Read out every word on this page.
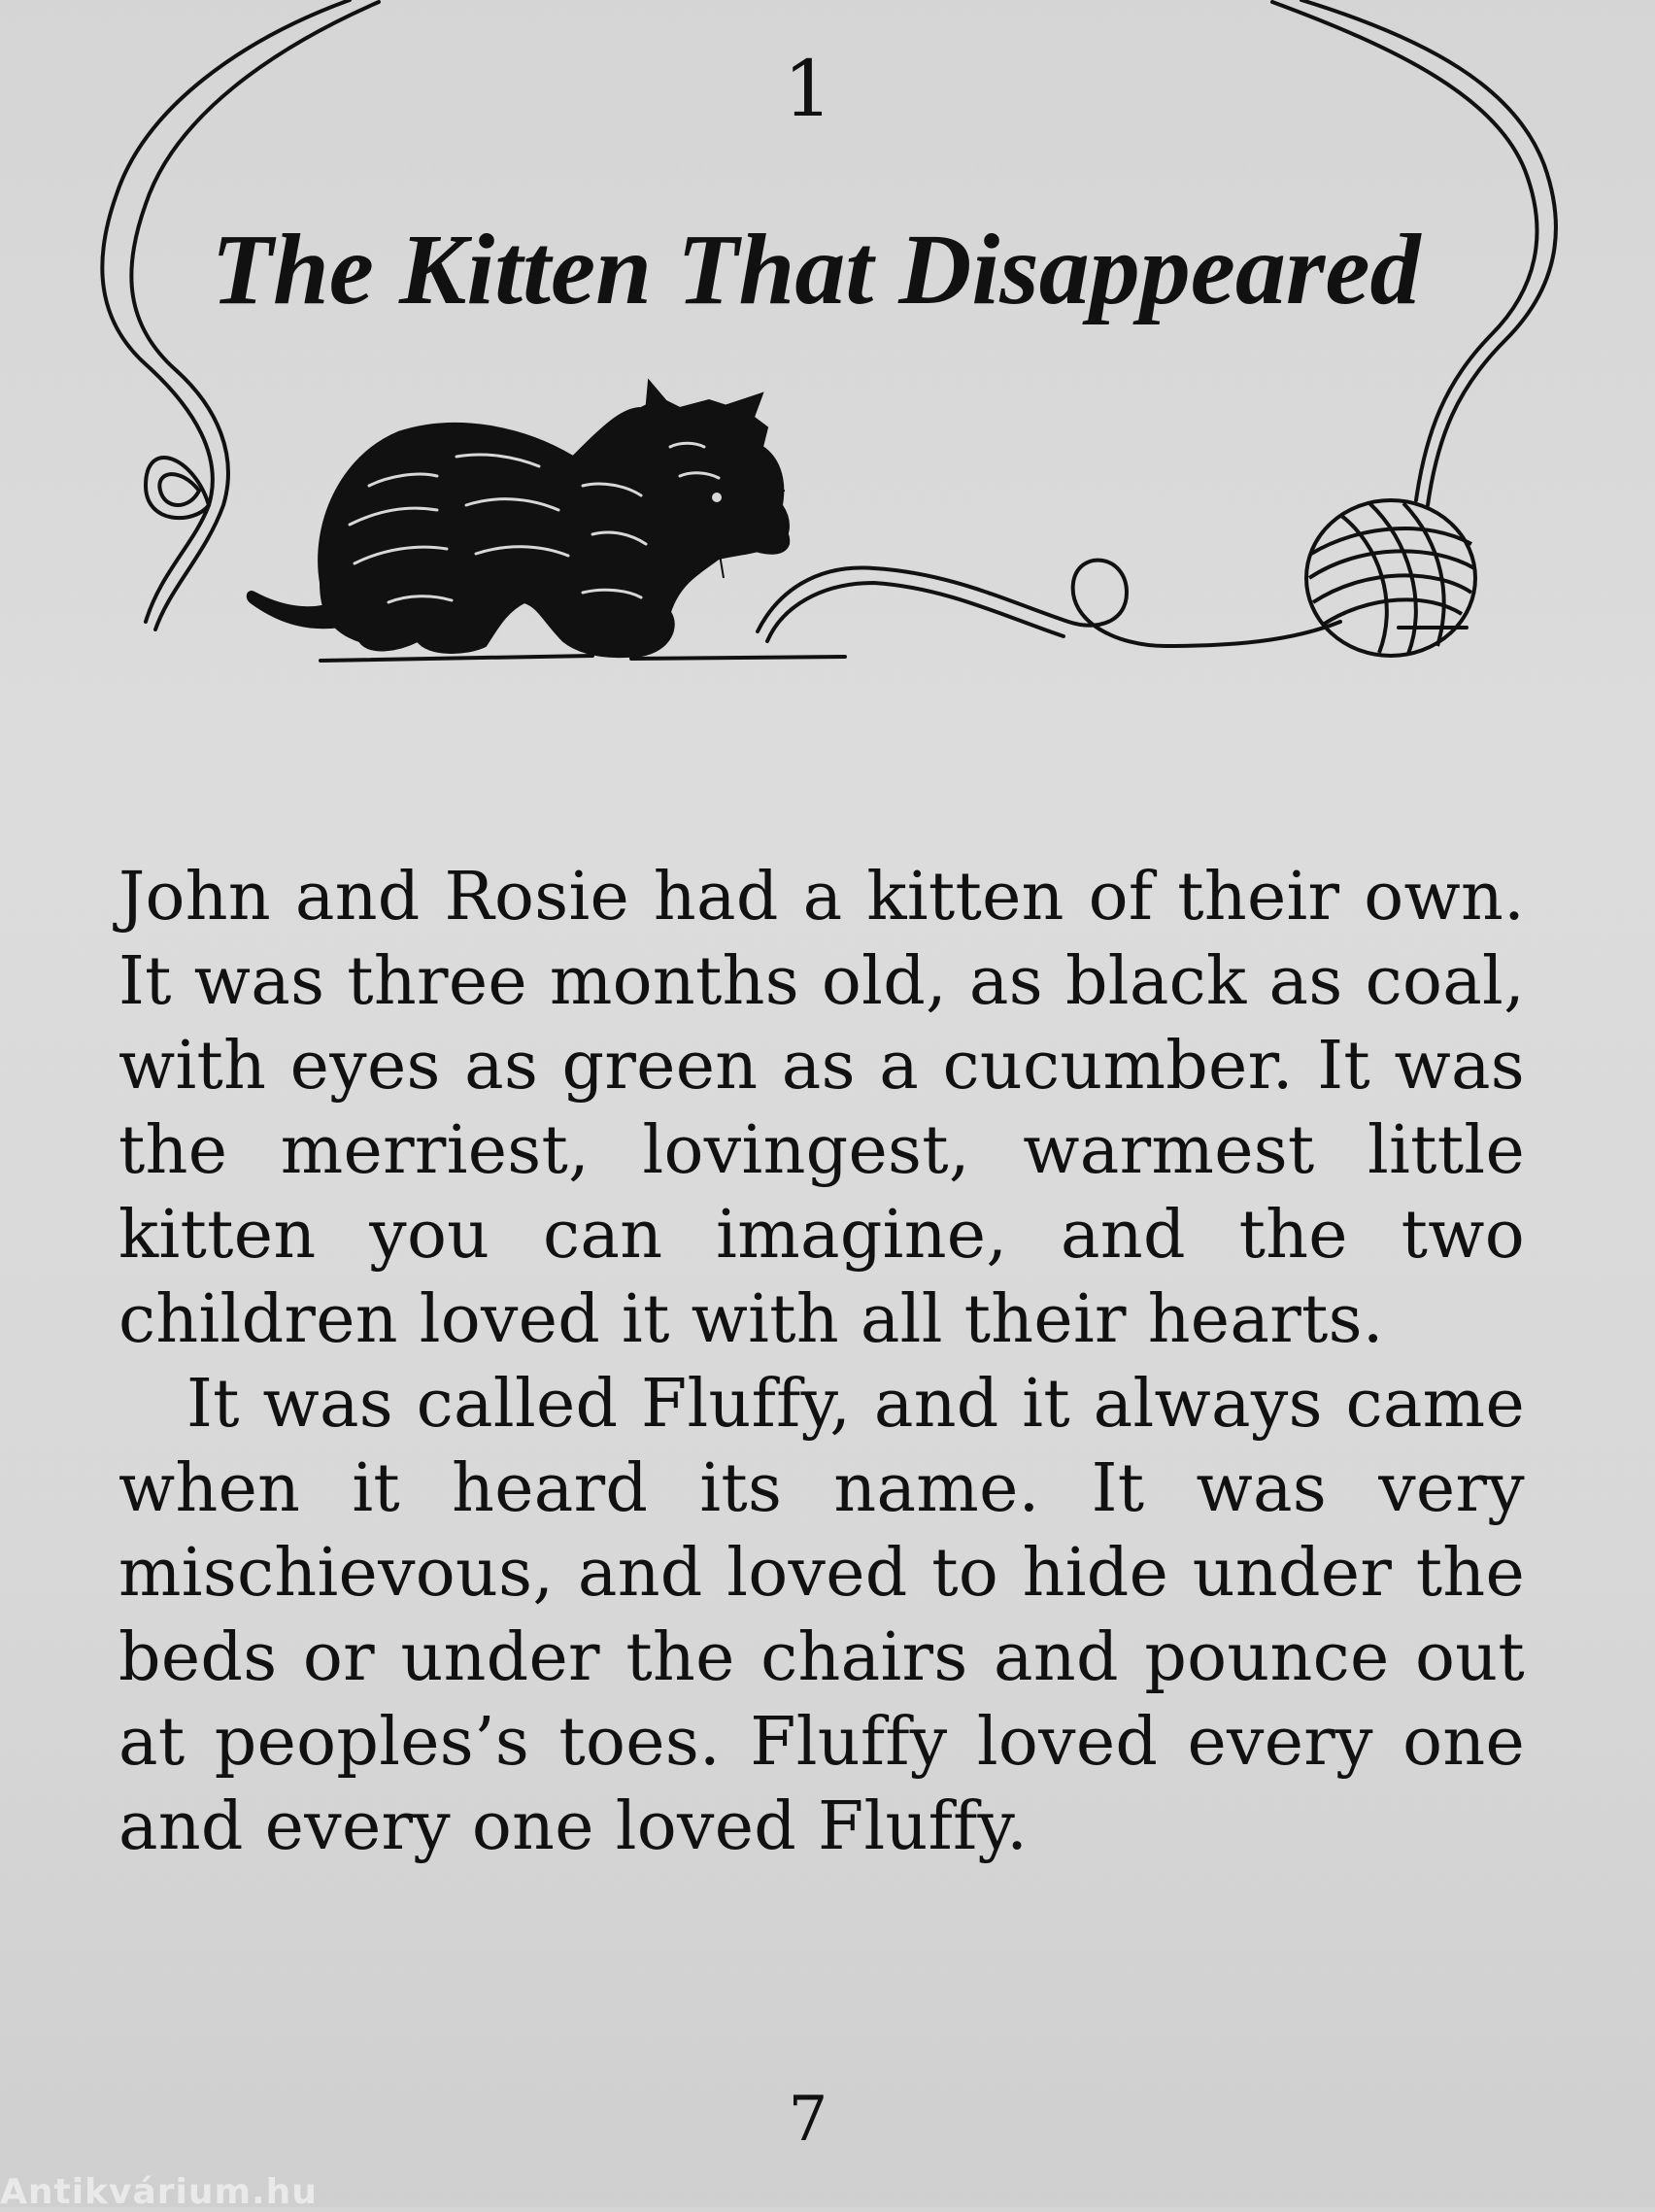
1
The Kitten That Disappeared

John and Rosie had a kitten of their own. It was three months old, as black as coal, with eyes as green as a cucumber. It was the merriest, lovingest, warmest little kitten you can imagine, and the two children loved it with all their hearts.

It was called Fluffy, and it always came when it heard its name. It was very mischievous, and loved to hide under the beds or under the chairs and pounce out at peoples’s toes. Fluffy loved every one and every one loved Fluffy.

7
Antikvárium.hu
